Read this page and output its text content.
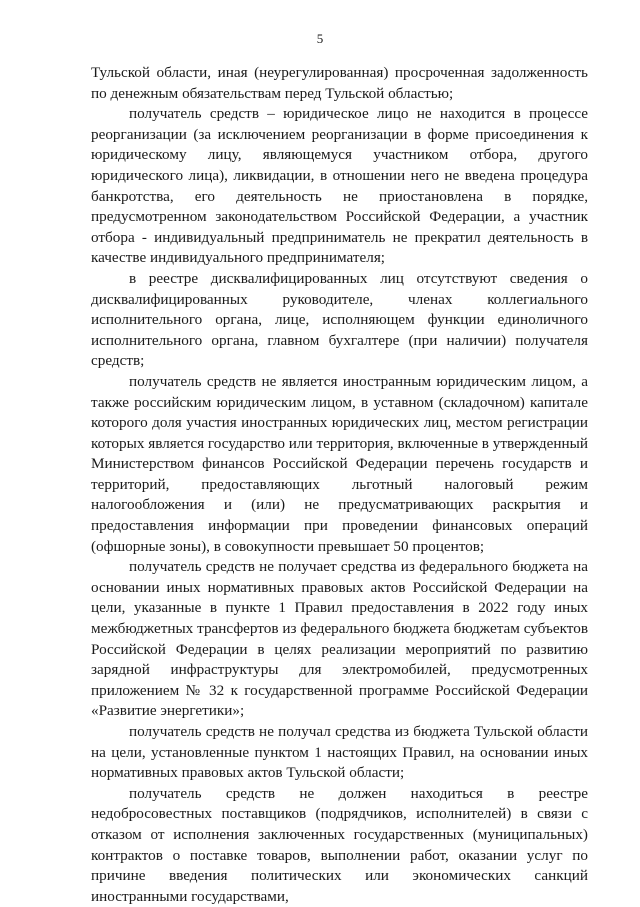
5

Тульской области, иная (неурегулированная) просроченная задолженность по денежным обязательствам перед Тульской областью;

получатель средств – юридическое лицо не находится в процессе реорганизации (за исключением реорганизации в форме присоединения к юридическому лицу, являющемуся участником отбора, другого юридического лица), ликвидации, в отношении него не введена процедура банкротства, его деятельность не приостановлена в порядке, предусмотренном законодательством Российской Федерации, а участник отбора - индивидуальный предприниматель не прекратил деятельность в качестве индивидуального предпринимателя;

в реестре дисквалифицированных лиц отсутствуют сведения о дисквалифицированных руководителе, членах коллегиального исполнительного органа, лице, исполняющем функции единоличного исполнительного органа, главном бухгалтере (при наличии) получателя средств;

получатель средств не является иностранным юридическим лицом, а также российским юридическим лицом, в уставном (складочном) капитале которого доля участия иностранных юридических лиц, местом регистрации которых является государство или территория, включенные в утвержденный Министерством финансов Российской Федерации перечень государств и территорий, предоставляющих льготный налоговый режим налогообложения и (или) не предусматривающих раскрытия и предоставления информации при проведении финансовых операций (офшорные зоны), в совокупности превышает 50 процентов;

получатель средств не получает средства из федерального бюджета на основании иных нормативных правовых актов Российской Федерации на цели, указанные в пункте 1 Правил предоставления в 2022 году иных межбюджетных трансфертов из федерального бюджета бюджетам субъектов Российской Федерации в целях реализации мероприятий по развитию зарядной инфраструктуры для электромобилей, предусмотренных приложением № 32 к государственной программе Российской Федерации «Развитие энергетики»;

получатель средств не получал средства из бюджета Тульской области на цели, установленные пунктом 1 настоящих Правил, на основании иных нормативных правовых актов Тульской области;

получатель средств не должен находиться в реестре недобросовестных поставщиков (подрядчиков, исполнителей) в связи с отказом от исполнения заключенных государственных (муниципальных) контрактов о поставке товаров, выполнении работ, оказании услуг по причине введения политических или экономических санкций иностранными государствами,
